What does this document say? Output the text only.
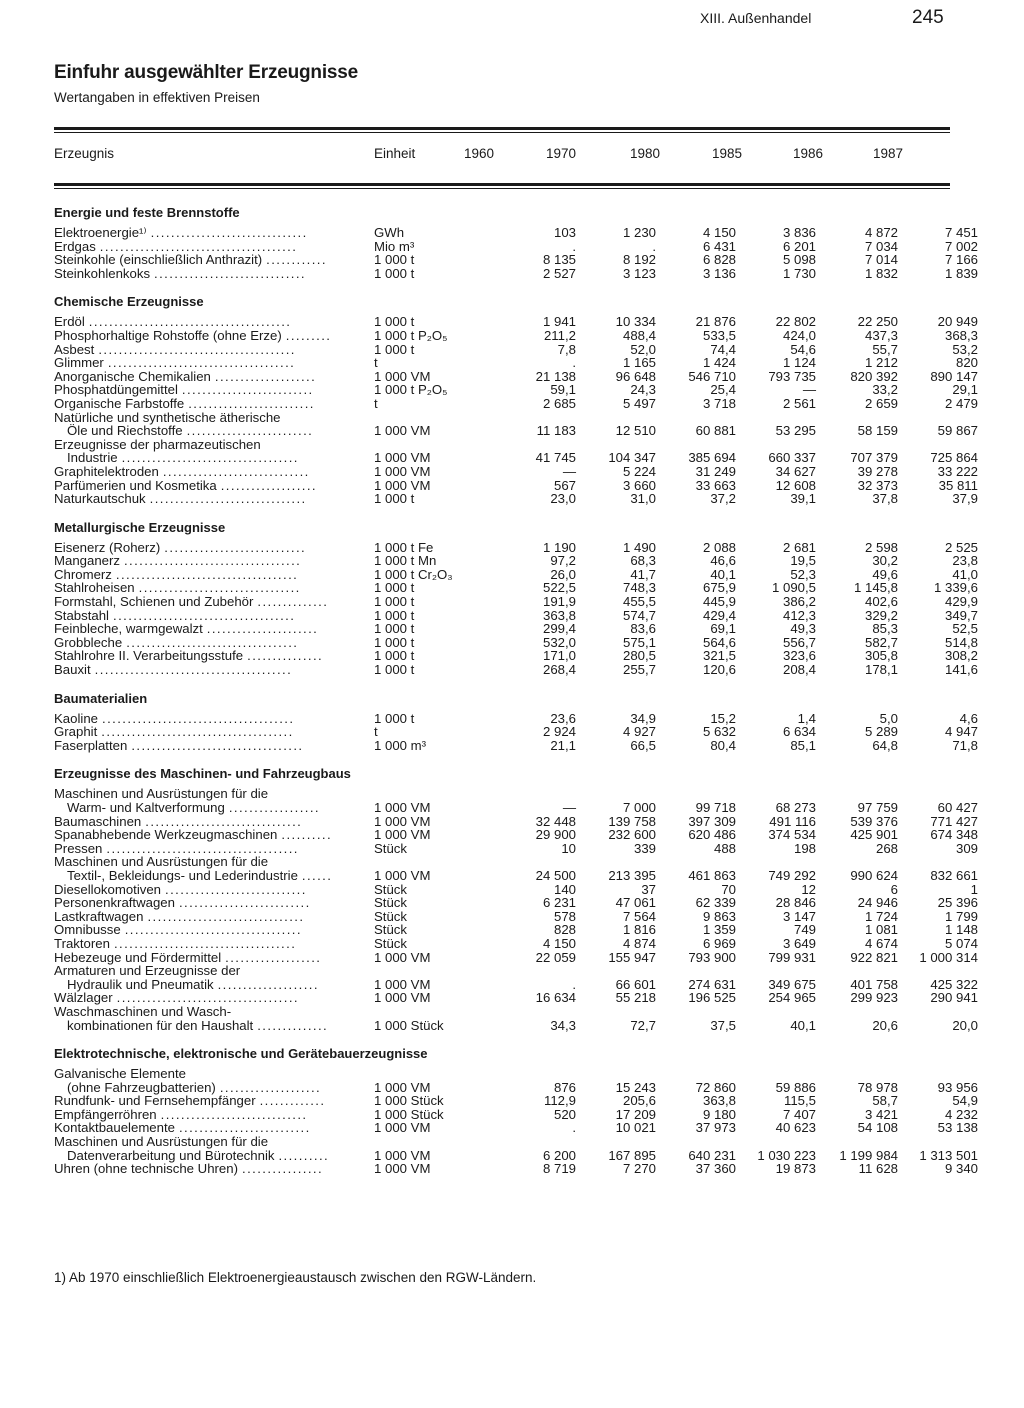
XIII. Außenhandel	245
Einfuhr ausgewählter Erzeugnisse
Wertangaben in effektiven Preisen
Erzeugnis	Einheit	1960	1970	1980	1985	1986	1987
Energie und feste Brennstoffe
...............................
Elektroenergie¹⁾	GWh	103	1 230	4 150	3 836	4 872	7 451
.......................................
Erdgas	Mio m³	.	.	6 431	6 201	7 034	7 002
............
Steinkohle (einschließlich Anthrazit)	1 000 t	8 135	8 192	6 828	5 098	7 014	7 166
..............................
Steinkohlenkoks	1 000 t	2 527	3 123	3 136	1 730	1 832	1 839
Chemische Erzeugnisse
........................................
Erdöl	1 000 t	1 941	10 334	21 876	22 802	22 250	20 949
.........
Phosphorhaltige Rohstoffe (ohne Erze)	1 000 t P₂O₅	211,2	488,4	533,5	424,0	437,3	368,3
.......................................
Asbest	1 000 t	7,8	52,0	74,4	54,6	55,7	53,2
.....................................
Glimmer	t	.	1 165	1 424	1 124	1 212	820
....................
Anorganische Chemikalien	1 000 VM	21 138	96 648	546 710	793 735	820 392	890 147
..........................
Phosphatdüngemittel	1 000 t P₂O₅	59,1	24,3	25,4	—	33,2	29,1
.........................
Organische Farbstoffe	t	2 685	5 497	3 718	2 561	2 659	2 479
Natürliche und synthetische ätherische
.........................
Öle und Riechstoffe	1 000 VM	11 183	12 510	60 881	53 295	58 159	59 867
Erzeugnisse der pharmazeutischen
...................................
Industrie	1 000 VM	41 745	104 347	385 694	660 337	707 379	725 864
.............................
Graphitelektroden	1 000 VM	—	5 224	31 249	34 627	39 278	33 222
...................
Parfümerien und Kosmetika	1 000 VM	567	3 660	33 663	12 608	32 373	35 811
...............................
Naturkautschuk	1 000 t	23,0	31,0	37,2	39,1	37,8	37,9
Metallurgische Erzeugnisse
............................
Eisenerz (Roherz)	1 000 t Fe	1 190	1 490	2 088	2 681	2 598	2 525
...................................
Manganerz	1 000 t Mn	97,2	68,3	46,6	19,5	30,2	23,8
....................................
Chromerz	1 000 t Cr₂O₃	26,0	41,7	40,1	52,3	49,6	41,0
................................
Stahlroheisen	1 000 t	522,5	748,3	675,9	1 090,5	1 145,8	1 339,6
..............
Formstahl, Schienen und Zubehör	1 000 t	191,9	455,5	445,9	386,2	402,6	429,9
....................................
Stabstahl	1 000 t	363,8	574,7	429,4	412,3	329,2	349,7
......................
Feinbleche, warmgewalzt	1 000 t	299,4	83,6	69,1	49,3	85,3	52,5
..................................
Grobbleche	1 000 t	532,0	575,1	564,6	556,7	582,7	514,8
...............
Stahlrohre II. Verarbeitungsstufe	1 000 t	171,0	280,5	321,5	323,6	305,8	308,2
.......................................
Bauxit	1 000 t	268,4	255,7	120,6	208,4	178,1	141,6
Baumaterialien
......................................
Kaoline	1 000 t	23,6	34,9	15,2	1,4	5,0	4,6
......................................
Graphit	t	2 924	4 927	5 632	6 634	5 289	4 947
..................................
Faserplatten	1 000 m³	21,1	66,5	80,4	85,1	64,8	71,8
Erzeugnisse des Maschinen- und Fahrzeugbaus
Maschinen und Ausrüstungen für die
..................
Warm- und Kaltverformung	1 000 VM	—	7 000	99 718	68 273	97 759	60 427
...............................
Baumaschinen	1 000 VM	32 448	139 758	397 309	491 116	539 376	771 427
..........
Spanabhebende Werkzeugmaschinen	1 000 VM	29 900	232 600	620 486	374 534	425 901	674 348
......................................
Pressen	Stück	10	339	488	198	268	309
Maschinen und Ausrüstungen für die
......
Textil-, Bekleidungs- und Lederindustrie	1 000 VM	24 500	213 395	461 863	749 292	990 624	832 661
............................
Diesellokomotiven	Stück	140	37	70	12	6	1
..........................
Personenkraftwagen	Stück	6 231	47 061	62 339	28 846	24 946	25 396
...............................
Lastkraftwagen	Stück	578	7 564	9 863	3 147	1 724	1 799
...................................
Omnibusse	Stück	828	1 816	1 359	749	1 081	1 148
....................................
Traktoren	Stück	4 150	4 874	6 969	3 649	4 674	5 074
...................
Hebezeuge und Fördermittel	1 000 VM	22 059	155 947	793 900	799 931	922 821	1 000 314
Armaturen und Erzeugnisse der
....................
Hydraulik und Pneumatik	1 000 VM	.	66 601	274 631	349 675	401 758	425 322
....................................
Wälzlager	1 000 VM	16 634	55 218	196 525	254 965	299 923	290 941
Waschmaschinen und Wasch-
..............
kombinationen für den Haushalt	1 000 Stück	34,3	72,7	37,5	40,1	20,6	20,0
Elektrotechnische, elektronische und Gerätebauerzeugnisse
Galvanische Elemente
....................
(ohne Fahrzeugbatterien)	1 000 VM	876	15 243	72 860	59 886	78 978	93 956
.............
Rundfunk- und Fernsehempfänger	1 000 Stück	112,9	205,6	363,8	115,5	58,7	54,9
.............................
Empfängerröhren	1 000 Stück	520	17 209	9 180	7 407	3 421	4 232
..........................
Kontaktbauelemente	1 000 VM	.	10 021	37 973	40 623	54 108	53 138
Maschinen und Ausrüstungen für die
..........
Datenverarbeitung und Bürotechnik	1 000 VM	6 200	167 895	640 231	1 030 223	1 199 984	1 313 501
................
Uhren (ohne technische Uhren)	1 000 VM	8 719	7 270	37 360	19 873	11 628	9 340
1) Ab 1970 einschließlich Elektroenergieaustausch zwischen den RGW-Ländern.
